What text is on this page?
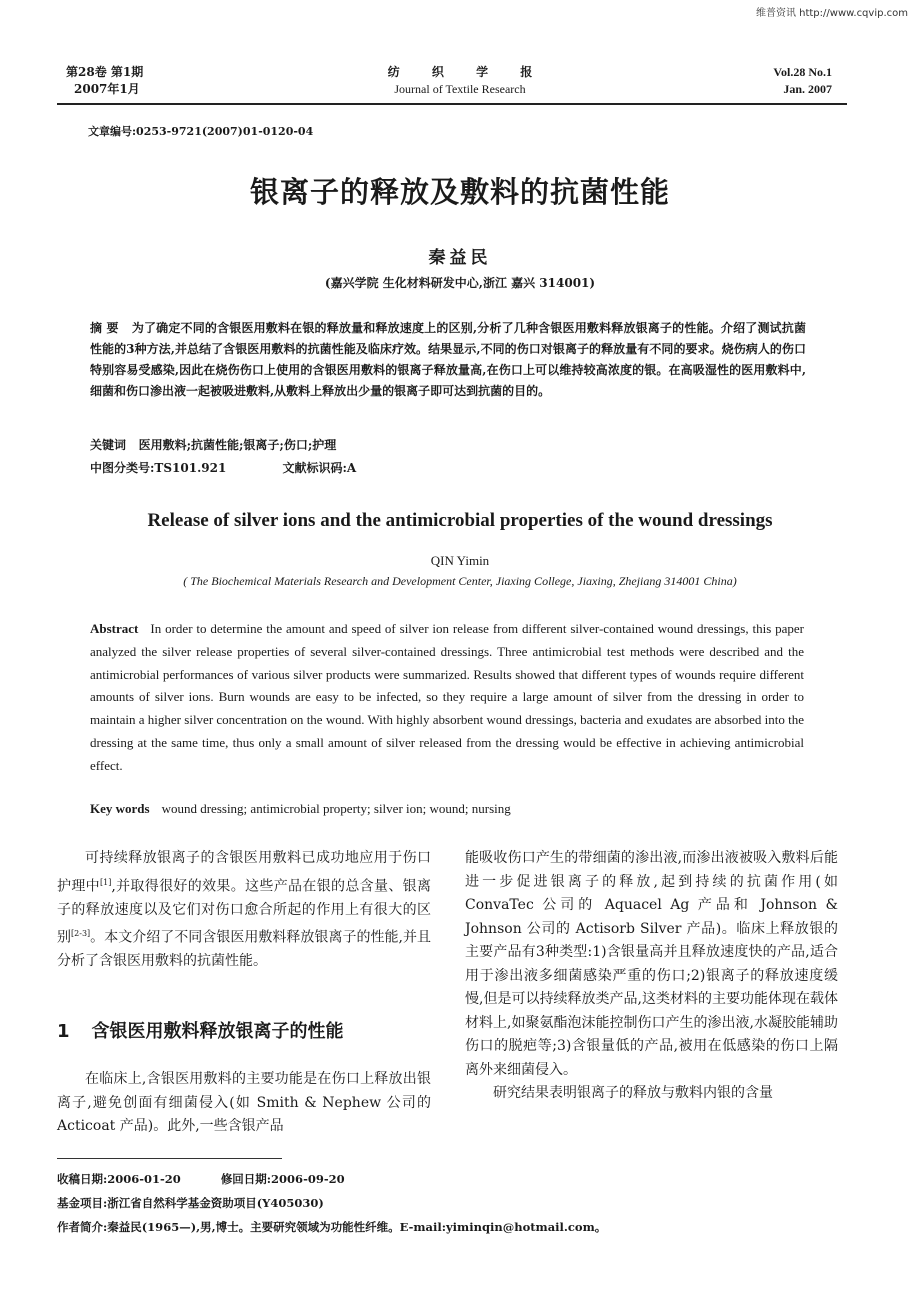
维普资讯 http://www.cqvip.com
第28卷 第1期
2007年1月
纺 织 学 报
Journal of Textile Research
Vol.28 No.1
Jan. 2007
文章编号:0253-9721(2007)01-0120-04
银离子的释放及敷料的抗菌性能
秦益民
(嘉兴学院 生化材料研发中心,浙江 嘉兴 314001)
摘 要 为了确定不同的含银医用敷料在银的释放量和释放速度上的区别,分析了几种含银医用敷料释放银离子的性能。介绍了测试抗菌性能的3种方法,并总结了含银医用敷料的抗菌性能及临床疗效。结果显示,不同的伤口对银离子的释放量有不同的要求。烧伤病人的伤口特别容易受感染,因此在烧伤伤口上使用的含银医用敷料的银离子释放量高,在伤口上可以维持较高浓度的银。在高吸湿性的医用敷料中,细菌和伤口渗出液一起被吸进敷料,从敷料上释放出少量的银离子即可达到抗菌的目的。
关键词 医用敷料;抗菌性能;银离子;伤口;护理
中图分类号:TS101.921	文献标识码:A
Release of silver ions and the antimicrobial properties of the wound dressings
QIN Yimin
( The Biochemical Materials Research and Development Center, Jiaxing College, Jiaxing, Zhejiang 314001 China)
Abstract In order to determine the amount and speed of silver ion release from different silver-contained wound dressings, this paper analyzed the silver release properties of several silver-contained dressings. Three antimicrobial test methods were described and the antimicrobial performances of various silver products were summarized. Results showed that different types of wounds require different amounts of silver ions. Burn wounds are easy to be infected, so they require a large amount of silver from the dressing in order to maintain a higher silver concentration on the wound. With highly absorbent wound dressings, bacteria and exudates are absorbed into the dressing at the same time, thus only a small amount of silver released from the dressing would be effective in achieving antimicrobial effect.
Key words wound dressing; antimicrobial property; silver ion; wound; nursing

可持续释放银离子的含银医用敷料已成功地应用于伤口护理中[1],并取得很好的效果。这些产品在银的总含量、银离子的释放速度以及它们对伤口愈合所起的作用上有很大的区别[2-3]。本文介绍了不同含银医用敷料释放银离子的性能,并且分析了含银医用敷料的抗菌性能。

1 含银医用敷料释放银离子的性能

在临床上,含银医用敷料的主要功能是在伤口上释放出银离子,避免创面有细菌侵入(如 Smith & Nephew 公司的 Acticoat 产品)。此外,一些含银产品

能吸收伤口产生的带细菌的渗出液,而渗出液被吸入敷料后能进一步促进银离子的释放,起到持续的抗菌作用(如 ConvaTec 公司的 Aquacel Ag 产品和 Johnson & Johnson 公司的 Actisorb Silver 产品)。临床上释放银的主要产品有3种类型:1)含银量高并且释放速度快的产品,适合用于渗出液多细菌感染严重的伤口;2)银离子的释放速度缓慢,但是可以持续释放类产品,这类材料的主要功能体现在载体材料上,如聚氨酯泡沫能控制伤口产生的渗出液,水凝胶能辅助伤口的脱疤等;3)含银量低的产品,被用在低感染的伤口上隔离外来细菌侵入。

研究结果表明银离子的释放与敷料内银的含量

收稿日期:2006-01-20	修回日期:2006-09-20
基金项目:浙江省自然科学基金资助项目(Y405030)
作者简介:秦益民(1965—),男,博士。主要研究领域为功能性纤维。E-mail:yiminqin@hotmail.com。
